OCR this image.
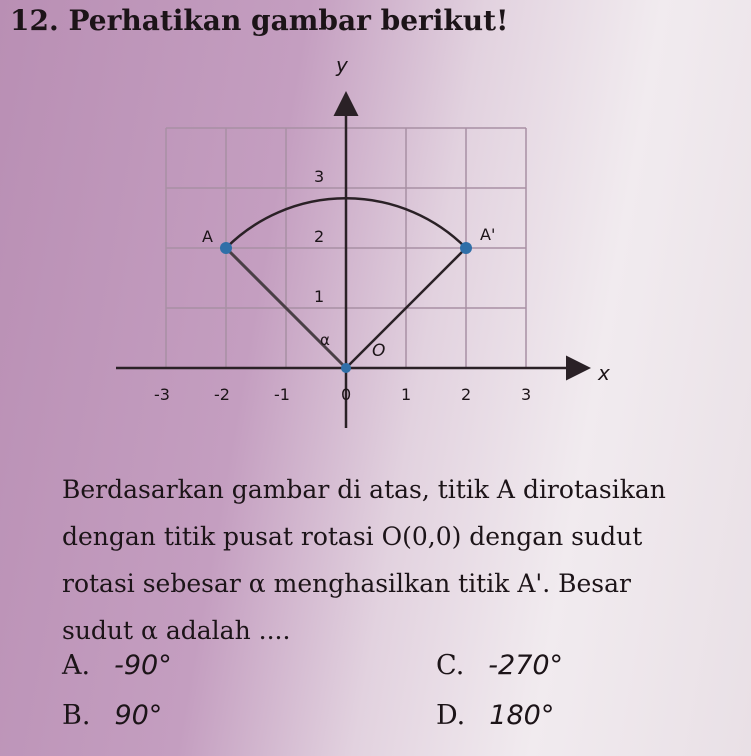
12. Perhatikan gambar berikut!
y
x
-3	-2	-1	0	1	2	3
1
2
3
A	A'
O
α
Berdasarkan gambar di atas, titik A dirotasikan
dengan titik pusat rotasi O(0,0) dengan sudut
rotasi sebesar α menghasilkan titik A'. Besar
sudut α adalah ....
A. -90°
B. 90°
C. -270°
D. 180°
